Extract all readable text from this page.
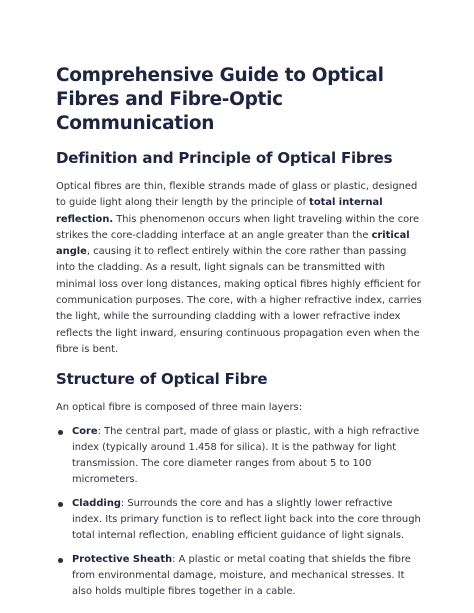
Comprehensive Guide to Optical Fibres and Fibre-Optic Communication
Definition and Principle of Optical Fibres

Optical fibres are thin, flexible strands made of glass or plastic, designed to guide light along their length by the principle of total internal reflection. This phenomenon occurs when light traveling within the core strikes the core-cladding interface at an angle greater than the critical angle, causing it to reflect entirely within the core rather than passing into the cladding. As a result, light signals can be transmitted with minimal loss over long distances, making optical fibres highly efficient for communication purposes. The core, with a higher refractive index, carries the light, while the surrounding cladding with a lower refractive index reflects the light inward, ensuring continuous propagation even when the fibre is bent.

Structure of Optical Fibre

An optical fibre is composed of three main layers:

Core: The central part, made of glass or plastic, with a high refractive index (typically around 1.458 for silica). It is the pathway for light transmission. The core diameter ranges from about 5 to 100 micrometers.
Cladding: Surrounds the core and has a slightly lower refractive index. Its primary function is to reflect light back into the core through total internal reflection, enabling efficient guidance of light signals.
Protective Sheath: A plastic or metal coating that shields the fibre from environmental damage, moisture, and mechanical stresses. It also holds multiple fibres together in a cable.
